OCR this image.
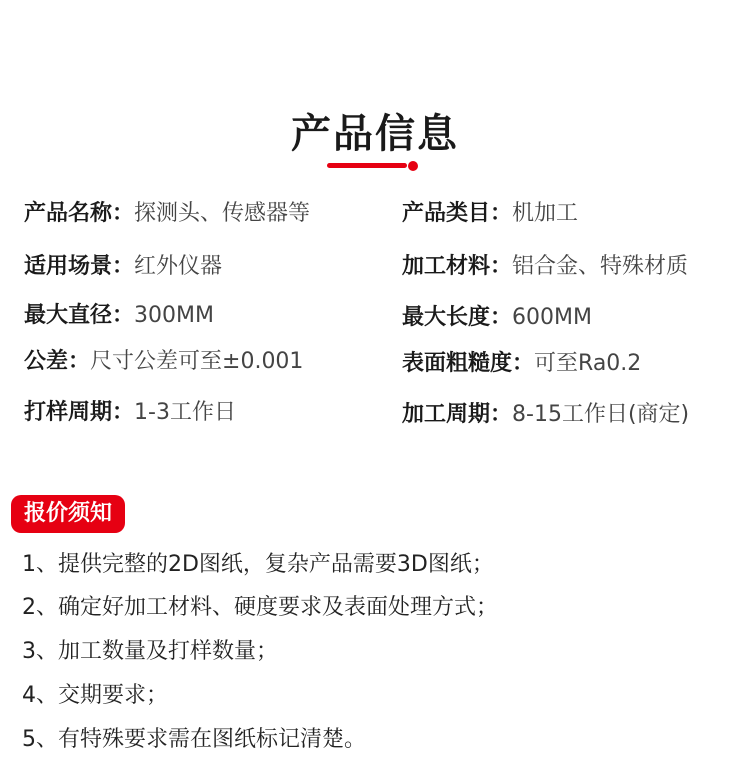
产品信息
产品名称：探测头、传感器等
适用场景：红外仪器
最大直径：300MM
公差：尺寸公差可至±0.001
打样周期：1-3工作日
产品类目：机加工
加工材料：铝合金、特殊材质
最大长度：600MM
表面粗糙度：可至Ra0.2
加工周期：8-15工作日(商定)
报价须知
1、提供完整的2D图纸，复杂产品需要3D图纸；
2、确定好加工材料、硬度要求及表面处理方式；
3、加工数量及打样数量；
4、交期要求；
5、有特殊要求需在图纸标记清楚。
